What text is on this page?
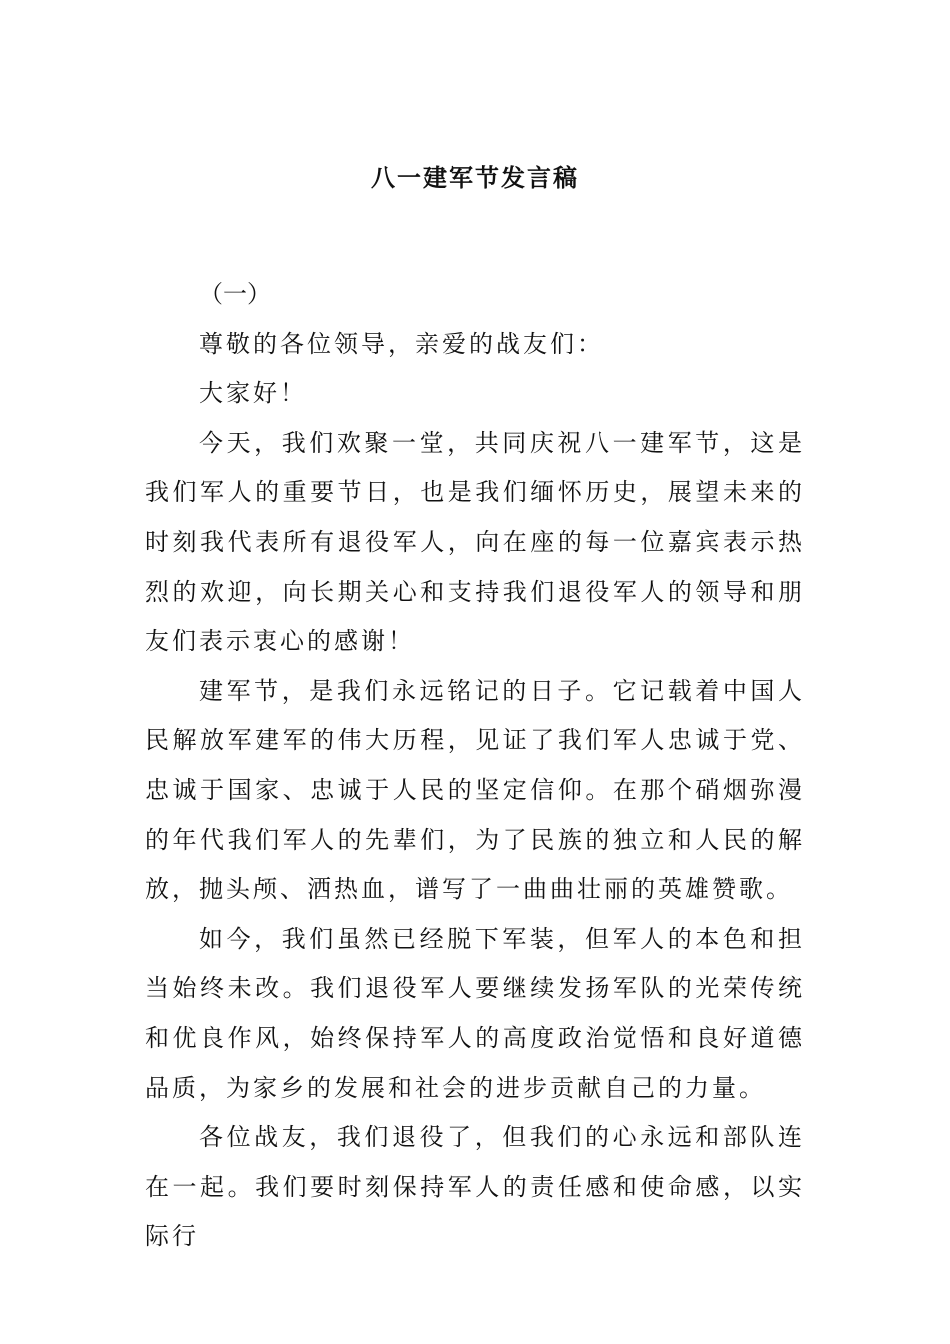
八一建军节发言稿

（一）

尊敬的各位领导，亲爱的战友们：

大家好！

今天，我们欢聚一堂，共同庆祝八一建军节，这是我们军人的重要节日，也是我们缅怀历史，展望未来的时刻我代表所有退役军人，向在座的每一位嘉宾表示热烈的欢迎，向长期关心和支持我们退役军人的领导和朋友们表示衷心的感谢！

建军节，是我们永远铭记的日子。它记载着中国人民解放军建军的伟大历程，见证了我们军人忠诚于党、忠诚于国家、忠诚于人民的坚定信仰。在那个硝烟弥漫的年代我们军人的先辈们，为了民族的独立和人民的解放，抛头颅、洒热血，谱写了一曲曲壮丽的英雄赞歌。

如今，我们虽然已经脱下军装，但军人的本色和担当始终未改。我们退役军人要继续发扬军队的光荣传统和优良作风，始终保持军人的高度政治觉悟和良好道德品质，为家乡的发展和社会的进步贡献自己的力量。

各位战友，我们退役了，但我们的心永远和部队连在一起。我们要时刻保持军人的责任感和使命感，以实际行
